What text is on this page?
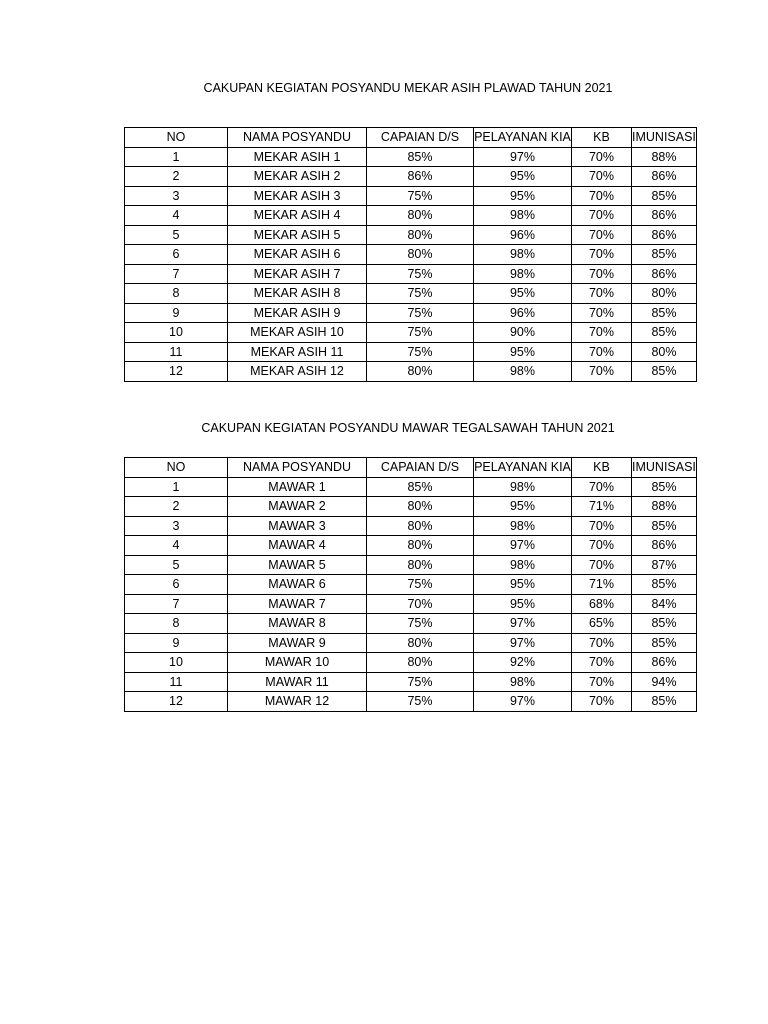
CAKUPAN KEGIATAN POSYANDU MEKAR ASIH PLAWAD TAHUN 2021
NO	NAMA POSYANDU	CAPAIAN D/S	PELAYANAN KIA	KB	IMUNISASI
1	MEKAR ASIH 1	85%	97%	70%	88%
2	MEKAR ASIH 2	86%	95%	70%	86%
3	MEKAR ASIH 3	75%	95%	70%	85%
4	MEKAR ASIH 4	80%	98%	70%	86%
5	MEKAR ASIH 5	80%	96%	70%	86%
6	MEKAR ASIH 6	80%	98%	70%	85%
7	MEKAR ASIH 7	75%	98%	70%	86%
8	MEKAR ASIH 8	75%	95%	70%	80%
9	MEKAR ASIH 9	75%	96%	70%	85%
10	MEKAR ASIH 10	75%	90%	70%	85%
11	MEKAR ASIH 11	75%	95%	70%	80%
12	MEKAR ASIH 12	80%	98%	70%	85%
CAKUPAN KEGIATAN POSYANDU MAWAR TEGALSAWAH TAHUN 2021
NO	NAMA POSYANDU	CAPAIAN D/S	PELAYANAN KIA	KB	IMUNISASI
1	MAWAR 1	85%	98%	70%	85%
2	MAWAR 2	80%	95%	71%	88%
3	MAWAR 3	80%	98%	70%	85%
4	MAWAR 4	80%	97%	70%	86%
5	MAWAR 5	80%	98%	70%	87%
6	MAWAR 6	75%	95%	71%	85%
7	MAWAR 7	70%	95%	68%	84%
8	MAWAR 8	75%	97%	65%	85%
9	MAWAR 9	80%	97%	70%	85%
10	MAWAR 10	80%	92%	70%	86%
11	MAWAR 11	75%	98%	70%	94%
12	MAWAR 12	75%	97%	70%	85%
